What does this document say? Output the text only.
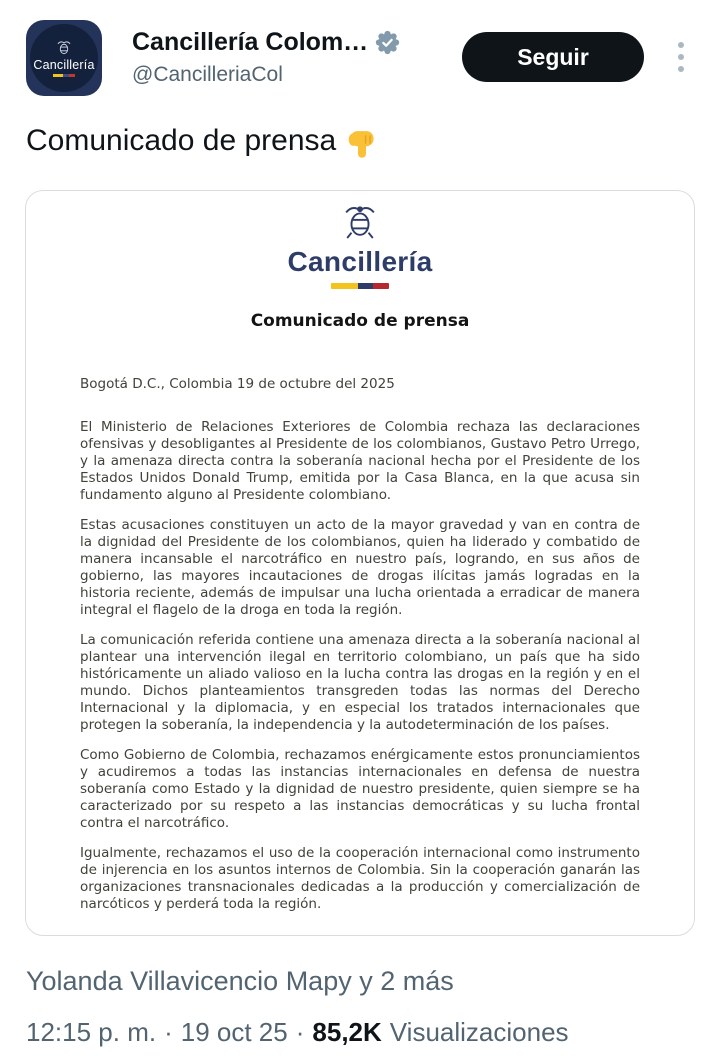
Cancillería
Cancillería Colom…
@CancilleriaCol
Seguir
Comunicado de prensa
Cancillería
Comunicado de prensa
Bogotá D.C., Colombia 19 de octubre del 2025

El Ministerio de Relaciones Exteriores de Colombia rechaza las declaraciones ofensivas y desobligantes al Presidente de los colombianos, Gustavo Petro Urrego, y la amenaza directa contra la soberanía nacional hecha por el Presidente de los Estados Unidos Donald Trump, emitida por la Casa Blanca, en la que acusa sin fundamento alguno al Presidente colombiano.

Estas acusaciones constituyen un acto de la mayor gravedad y van en contra de la dignidad del Presidente de los colombianos, quien ha liderado y combatido de manera incansable el narcotráfico en nuestro país, logrando, en sus años de gobierno, las mayores incautaciones de drogas ilícitas jamás logradas en la historia reciente, además de impulsar una lucha orientada a erradicar de manera integral el flagelo de la droga en toda la región.

La comunicación referida contiene una amenaza directa a la soberanía nacional al plantear una intervención ilegal en territorio colombiano, un país que ha sido históricamente un aliado valioso en la lucha contra las drogas en la región y en el mundo. Dichos planteamientos transgreden todas las normas del Derecho Internacional y la diplomacia, y en especial los tratados internacionales que protegen la soberanía, la independencia y la autodeterminación de los países.

Como Gobierno de Colombia, rechazamos enérgicamente estos pronunciamientos y acudiremos a todas las instancias internacionales en defensa de nuestra soberanía como Estado y la dignidad de nuestro presidente, quien siempre se ha caracterizado por su respeto a las instancias democráticas y su lucha frontal contra el narcotráfico.

Igualmente, rechazamos el uso de la cooperación internacional como instrumento de injerencia en los asuntos internos de Colombia. Sin la cooperación ganarán las organizaciones transnacionales dedicadas a la producción y comercialización de narcóticos y perderá toda la región.

Yolanda Villavicencio Mapy y 2 más
12:15 p. m. · 19 oct 25 · 85,2K Visualizaciones
